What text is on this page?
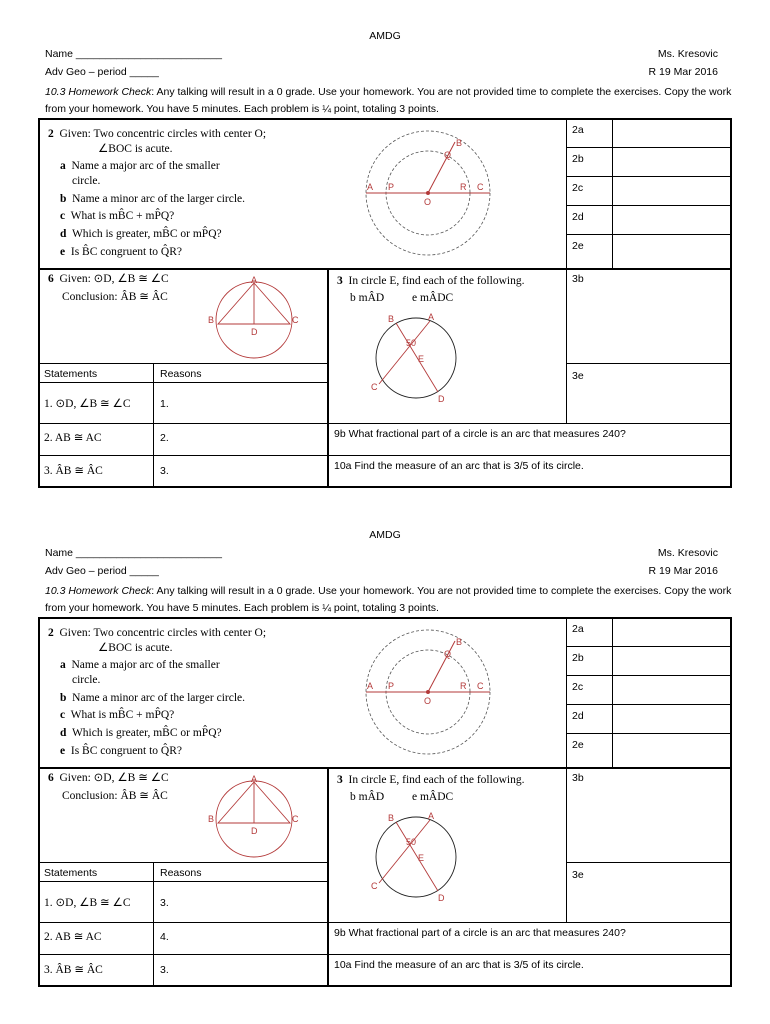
AMDG
Name _________________________	Ms. Kresovic
Adv Geo – period _____	R 19 Mar 2016
10.3 Homework Check: Any talking will result in a 0 grade. Use your homework. You are not provided time to complete the exercises. Copy the work from your homework. You have 5 minutes. Each problem is ¼ point, totaling 3 points.
2 Given: Two concentric circles with center O;
∠BOC is acute.
a Name a major arc of the smaller
circle.
b Name a minor arc of the larger circle.
c What is mB̂C + mP̂Q?
d Which is greater, mB̂C or mP̂Q?
e Is B̂C congruent to Q̂R?
A P
O
Q
B
R C
2a
2b
2c
2d
2e
3b
3e
6 Given: ⊙D, ∠B ≅ ∠C
Conclusion: ÂB ≅ ÂC
A
B	C
D
Statements	Reasons
1. ⊙D, ∠B ≅ ∠C	1.
2. AB ≅ AC	2.
3. ÂB ≅ ÂC	3.
3 In circle E, find each of the following.
b mÂD e mÂDC
B	A
C
D
E
50
9b What fractional part of a circle is an arc that measures 240?
10a Find the measure of an arc that is 3/5 of its circle.
AMDG
Name _________________________	Ms. Kresovic
Adv Geo – period _____	R 19 Mar 2016
10.3 Homework Check: Any talking will result in a 0 grade. Use your homework. You are not provided time to complete the exercises. Copy the work from your homework. You have 5 minutes. Each problem is ¼ point, totaling 3 points.
2 Given: Two concentric circles with center O;
∠BOC is acute.
a Name a major arc of the smaller
circle.
b Name a minor arc of the larger circle.
c What is mB̂C + mP̂Q?
d Which is greater, mB̂C or mP̂Q?
e Is B̂C congruent to Q̂R?
A P
O
Q
B
R C
2a
2b
2c
2d
2e
3b
3e
6 Given: ⊙D, ∠B ≅ ∠C
Conclusion: ÂB ≅ ÂC
A
B	C
D
Statements	Reasons
1. ⊙D, ∠B ≅ ∠C	3.
2. AB ≅ AC	4.
3. ÂB ≅ ÂC	3.
3 In circle E, find each of the following.
b mÂD e mÂDC
B	A
C
D
E
50
9b What fractional part of a circle is an arc that measures 240?
10a Find the measure of an arc that is 3/5 of its circle.
